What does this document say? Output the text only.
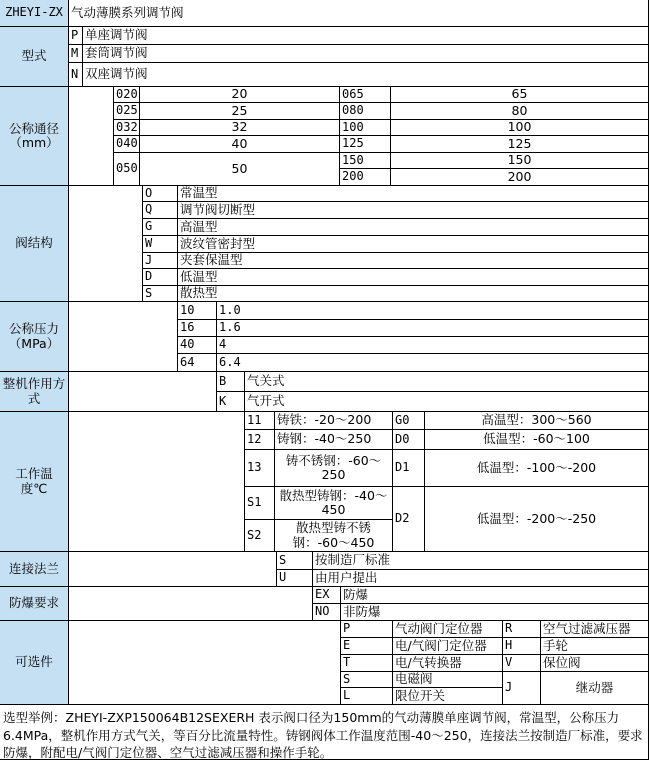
ZHEYI-ZX 气动薄膜系列调节阀
型式
P 单座调节阀
M 套筒调节阀
N 双座调节阀
公称通径（mm）
020	20
025	25
032	32
040	40
050	50
065	65
080	80
100	100
125	125
150	150
200	200
阀结构
O	常温型
Q	调节阀切断型
G	高温型
W	波纹管密封型
J	夹套保温型
D	低温型
S	散热型
公称压力（MPa）
10	1.0
16	1.6
40	4
64	6.4
整机作用方式
B	气关式
K	气开式
工作温度℃
11	铸铁：-20～200
12	铸钢：-40～250
13	铸不锈钢：-60～250
S1	散热型铸钢：-40～450
S2	散热型铸不锈钢：-60～450
G0	高温型：300～560
D0	低温型：-60～100
D1	低温型：-100～-200
D2	低温型：-200～-250
连接法兰
S	按制造厂标准
U	由用户提出
防爆要求
EX	防爆
NO	非防爆
可选件
P	气动阀门定位器
E	电/气阀门定位器
T	电/气转换器
S	电磁阀
L	限位开关
R	空气过滤减压器
H	手轮
V	保位阀
J	继动器
选型举例：ZHEYI-ZXP150064B12SEXERH 表示阀口径为150mm的气动薄膜单座调节阀，常温型，公称压力6.4MPa，整机作用方式气关，等百分比流量特性。铸钢阀体工作温度范围-40～250，连接法兰按制造厂标准，要求防爆，附配电/气阀门定位器、空气过滤减压器和操作手轮。
